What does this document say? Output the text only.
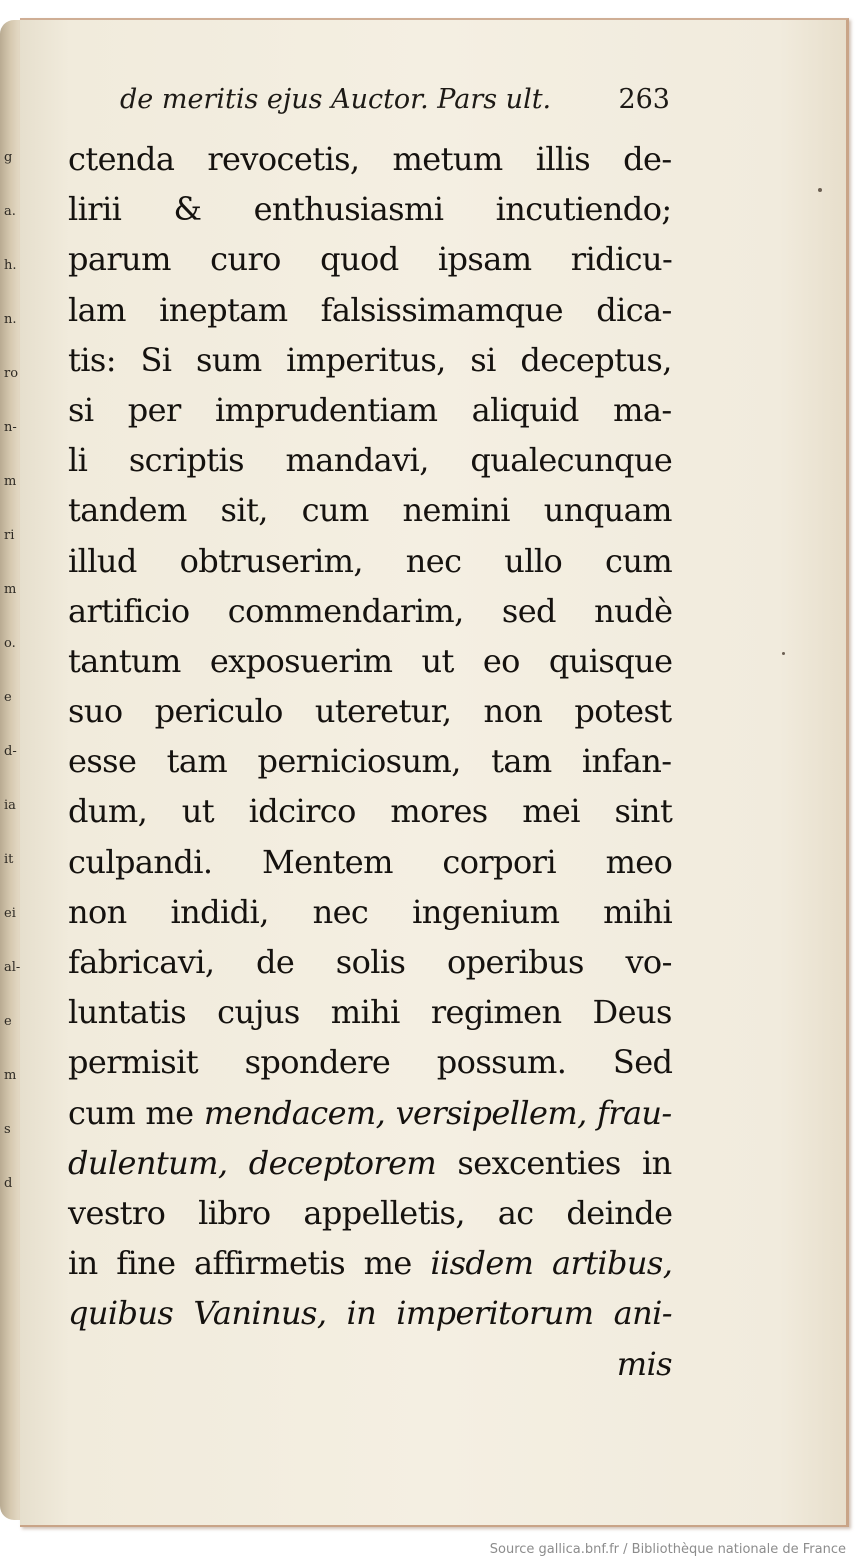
g
a.
h.
n.
ro
n-
m
ri
m
o.
e
d-
ia
it
ei
al-
e
m
s
d
de meritis ejus Auctor. Pars ult. 263
ctenda revocetis, metum illis de-
lirii & enthusiasmi incutiendo;
parum curo quod ipsam ridicu-
lam ineptam falsissimamque dica-
tis: Si sum imperitus, si deceptus,
si per imprudentiam aliquid ma-
li scriptis mandavi, qualecunque
tandem sit, cum nemini unquam
illud obtruserim, nec ullo cum
artificio commendarim, sed nudè
tantum exposuerim ut eo quisque
suo periculo uteretur, non potest
esse tam perniciosum, tam infan-
dum, ut idcirco mores mei sint
culpandi. Mentem corpori meo
non indidi, nec ingenium mihi
fabricavi, de solis operibus vo-
luntatis cujus mihi regimen Deus
permisit spondere possum. Sed
cum me mendacem, versipellem, frau-
dulentum, deceptorem sexcenties in
vestro libro appelletis, ac deinde
in fine affirmetis me iisdem artibus,
quibus Vaninus, in imperitorum ani-
mis
Source gallica.bnf.fr / Bibliothèque nationale de France
